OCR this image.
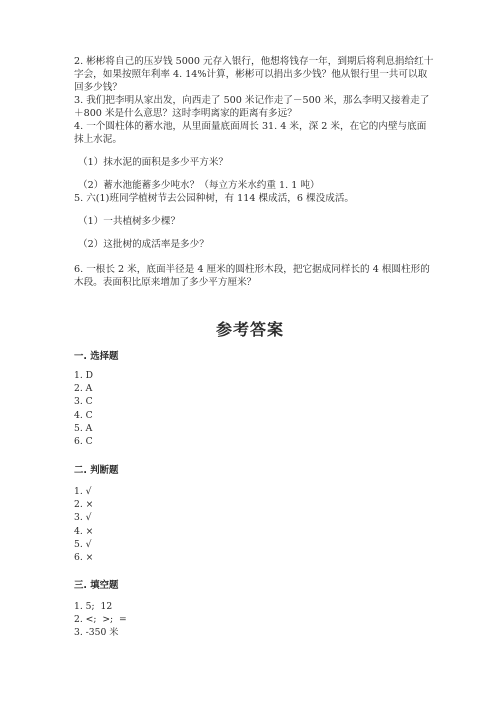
2. 彬彬将自己的压岁钱 5000 元存入银行，他想将钱存一年，到期后将利息捐给红十字会，如果按照年利率 4. 14%计算，彬彬可以捐出多少钱？他从银行里一共可以取回多少钱？

3. 我们把李明从家出发，向西走了 500 米记作走了－500 米，那么李明又接着走了＋800 米是什么意思？这时李明离家的距离有多远？

4. 一个圆柱体的蓄水池，从里面量底面周长 31. 4 米，深 2 米，在它的内壁与底面抹上水泥。

（1）抹水泥的面积是多少平方米？

（2）蓄水池能蓄多少吨水？（每立方米水约重 1. 1 吨）

5. 六(1)班同学植树节去公园种树，有 114 棵成活，6 棵没成活。

（1）一共植树多少棵？

（2）这批树的成活率是多少？

6. 一根长 2 米，底面半径是 4 厘米的圆柱形木段，把它据成同样长的 4 根圆柱形的木段。表面积比原来增加了多少平方厘米？

参考答案
一. 选择题
1. D
2. A
3. C
4. C
5. A
6. C
二. 判断题
1. √
2. ×
3. √
4. ×
5. √
6. ×
三. 填空题
1. 5;  12
2. <;  >;  =
3. -350 米
